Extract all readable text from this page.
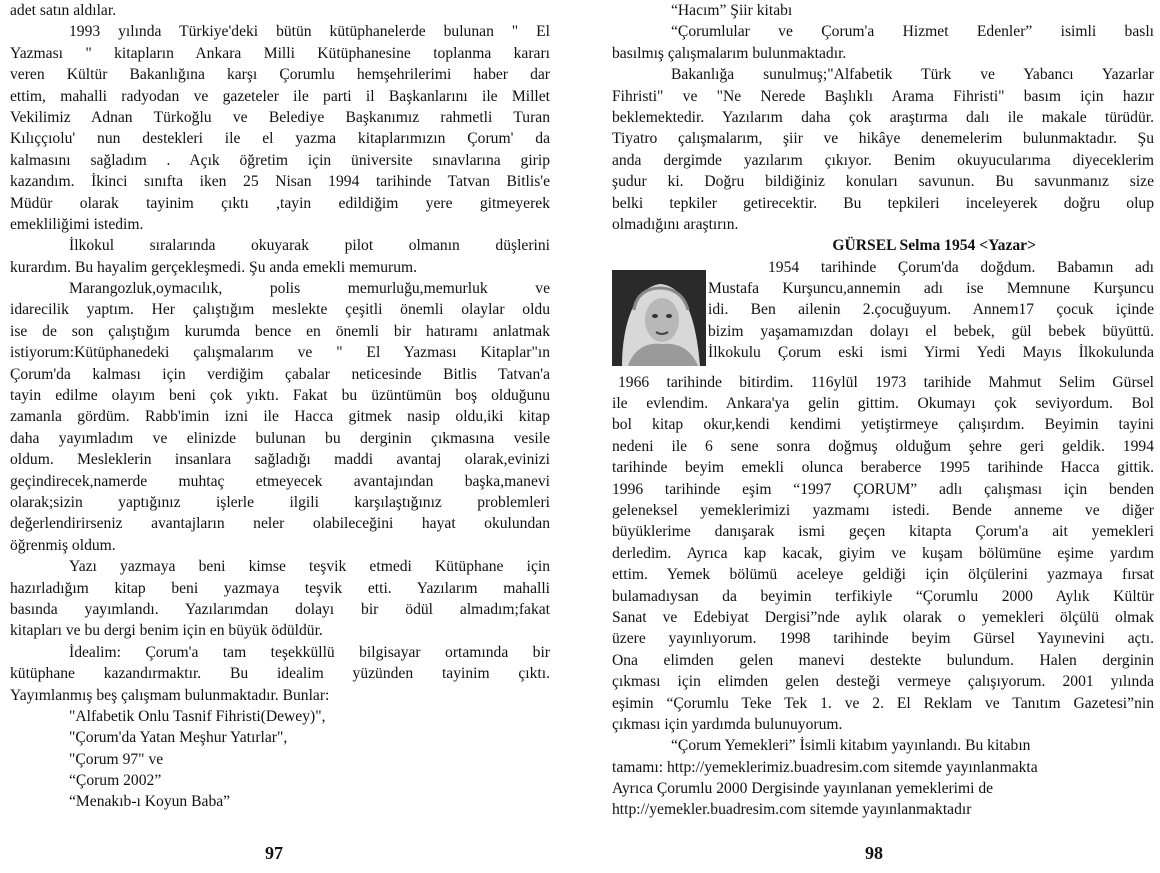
adet satın aldılar.
1993 yılında Türkiye'deki bütün kütüphanelerde bulunan " El
Yazması " kitapların Ankara Milli Kütüphanesine toplanma kararı
veren Kültür Bakanlığına karşı Çorumlu hemşehrilerimi haber dar
ettim, mahalli radyodan ve gazeteler ile parti il Başkanlarını ile Millet
Vekilimiz Adnan Türkoğlu ve Belediye Başkanımız rahmetli Turan
Kılıççıolu' nun destekleri ile el yazma kitaplarımızın Çorum' da
kalmasını sağladım . Açık öğretim için üniversite sınavlarına girip
kazandım. İkinci sınıfta iken 25 Nisan 1994 tarihinde Tatvan Bitlis'e
Müdür olarak tayinim çıktı ,tayin edildiğim yere gitmeyerek
emekliliğimi istedim.
İlkokul sıralarında okuyarak pilot olmanın düşlerini
kurardım. Bu hayalim gerçekleşmedi. Şu anda emekli memurum.
Marangozluk,oymacılık, polis memurluğu,memurluk ve
idarecilik yaptım. Her çalıştığım meslekte çeşitli önemli olaylar oldu
ise de son çalıştığım kurumda bence en önemli bir hatıramı anlatmak
istiyorum:Kütüphanedeki çalışmalarım ve " El Yazması Kitaplar"ın
Çorum'da kalması için verdiğim çabalar neticesinde Bitlis Tatvan'a
tayin edilme olayım beni çok yıktı. Fakat bu üzüntümün boş olduğunu
zamanla gördüm. Rabb'imin izni ile Hacca gitmek nasip oldu,iki kitap
daha yayımladım ve elinizde bulunan bu derginin çıkmasına vesile
oldum. Mesleklerin insanlara sağladığı maddi avantaj olarak,evinizi
geçindirecek,namerde muhtaç etmeyecek avantajından başka,manevi
olarak;sizin yaptığınız işlerle ilgili karşılaştığınız problemleri
değerlendirirseniz avantajların neler olabileceğini hayat okulundan
öğrenmiş oldum.
Yazı yazmaya beni kimse teşvik etmedi Kütüphane için
hazırladığım kitap beni yazmaya teşvik etti. Yazılarım mahalli
basında yayımlandı. Yazılarımdan dolayı bir ödül almadım;fakat
kitapları ve bu dergi benim için en büyük ödüldür.
İdealim: Çorum'a tam teşekküllü bilgisayar ortamında bir
kütüphane kazandırmaktır. Bu idealim yüzünden tayinim çıktı.
Yayımlanmış beş çalışmam bulunmaktadır. Bunlar:
"Alfabetik Onlu Tasnif Fihristi(Dewey)",
"Çorum'da Yatan Meşhur Yatırlar",
"Çorum 97" ve
“Çorum 2002”
“Menakıb-ı Koyun Baba”
97
“Hacım” Şiir kitabı
“Çorumlular ve Çorum'a Hizmet Edenler” isimli baslı
basılmış çalışmalarım bulunmaktadır.
Bakanlığa sunulmuş;"Alfabetik Türk ve Yabancı Yazarlar
Fihristi" ve "Ne Nerede Başlıklı Arama Fihristi" basım için hazır
beklemektedir. Yazılarım daha çok araştırma dalı ile makale türüdür.
Tiyatro çalışmalarım, şiir ve hikâye denemelerim bulunmaktadır. Şu
anda dergimde yazılarım çıkıyor. Benim okuyucularıma diyeceklerim
şudur ki. Doğru bildiğiniz konuları savunun. Bu savunmanız size
belki tepkiler getirecektir. Bu tepkileri inceleyerek doğru olup
olmadığını araştırın.
GÜRSEL Selma 1954 <Yazar>
1954 tarihinde Çorum'da doğdum. Babamın adı
Mustafa Kurşuncu,annemin adı ise Memnune Kurşuncu
idi. Ben ailenin 2.çocuğuyum. Annem17 çocuk içinde
bizim yaşamamızdan dolayı el bebek, gül bebek büyüttü.
İlkokulu Çorum eski ismi Yirmi Yedi Mayıs İlkokulunda
1966 tarihinde bitirdim. 116ylül 1973 tarihide Mahmut Selim Gürsel
ile evlendim. Ankara'ya gelin gittim. Okumayı çok seviyordum. Bol
bol kitap okur,kendi kendimi yetiştirmeye çalışırdım. Beyimin tayini
nedeni ile 6 sene sonra doğmuş olduğum şehre geri geldik. 1994
tarihinde beyim emekli olunca beraberce 1995 tarihinde Hacca gittik.
1996 tarihinde eşim “1997 ÇORUM” adlı çalışması için benden
geleneksel yemeklerimizi yazmamı istedi. Bende anneme ve diğer
büyüklerime danışarak ismi geçen kitapta Çorum'a ait yemekleri
derledim. Ayrıca kap kacak, giyim ve kuşam bölümüne eşime yardım
ettim. Yemek bölümü aceleye geldiği için ölçülerini yazmaya fırsat
bulamadıysan da beyimin terfikiyle “Çorumlu 2000 Aylık Kültür
Sanat ve Edebiyat Dergisi”nde aylık olarak o yemekleri ölçülü olmak
üzere yayınlıyorum. 1998 tarihinde beyim Gürsel Yayınevini açtı.
Ona elimden gelen manevi destekte bulundum. Halen derginin
çıkması için elimden gelen desteği vermeye çalışıyorum. 2001 yılında
eşimin “Çorumlu Teke Tek 1. ve 2. El Reklam ve Tanıtım Gazetesi”nin
çıkması için yardımda bulunuyorum.
“Çorum Yemekleri” İsimli kitabım yayınlandı. Bu kitabın
tamamı: http://yemeklerimiz.buadresim.com sitemde yayınlanmakta
Ayrıca Çorumlu 2000 Dergisinde yayınlanan yemeklerimi de
http://yemekler.buadresim.com sitemde yayınlanmaktadır
98
